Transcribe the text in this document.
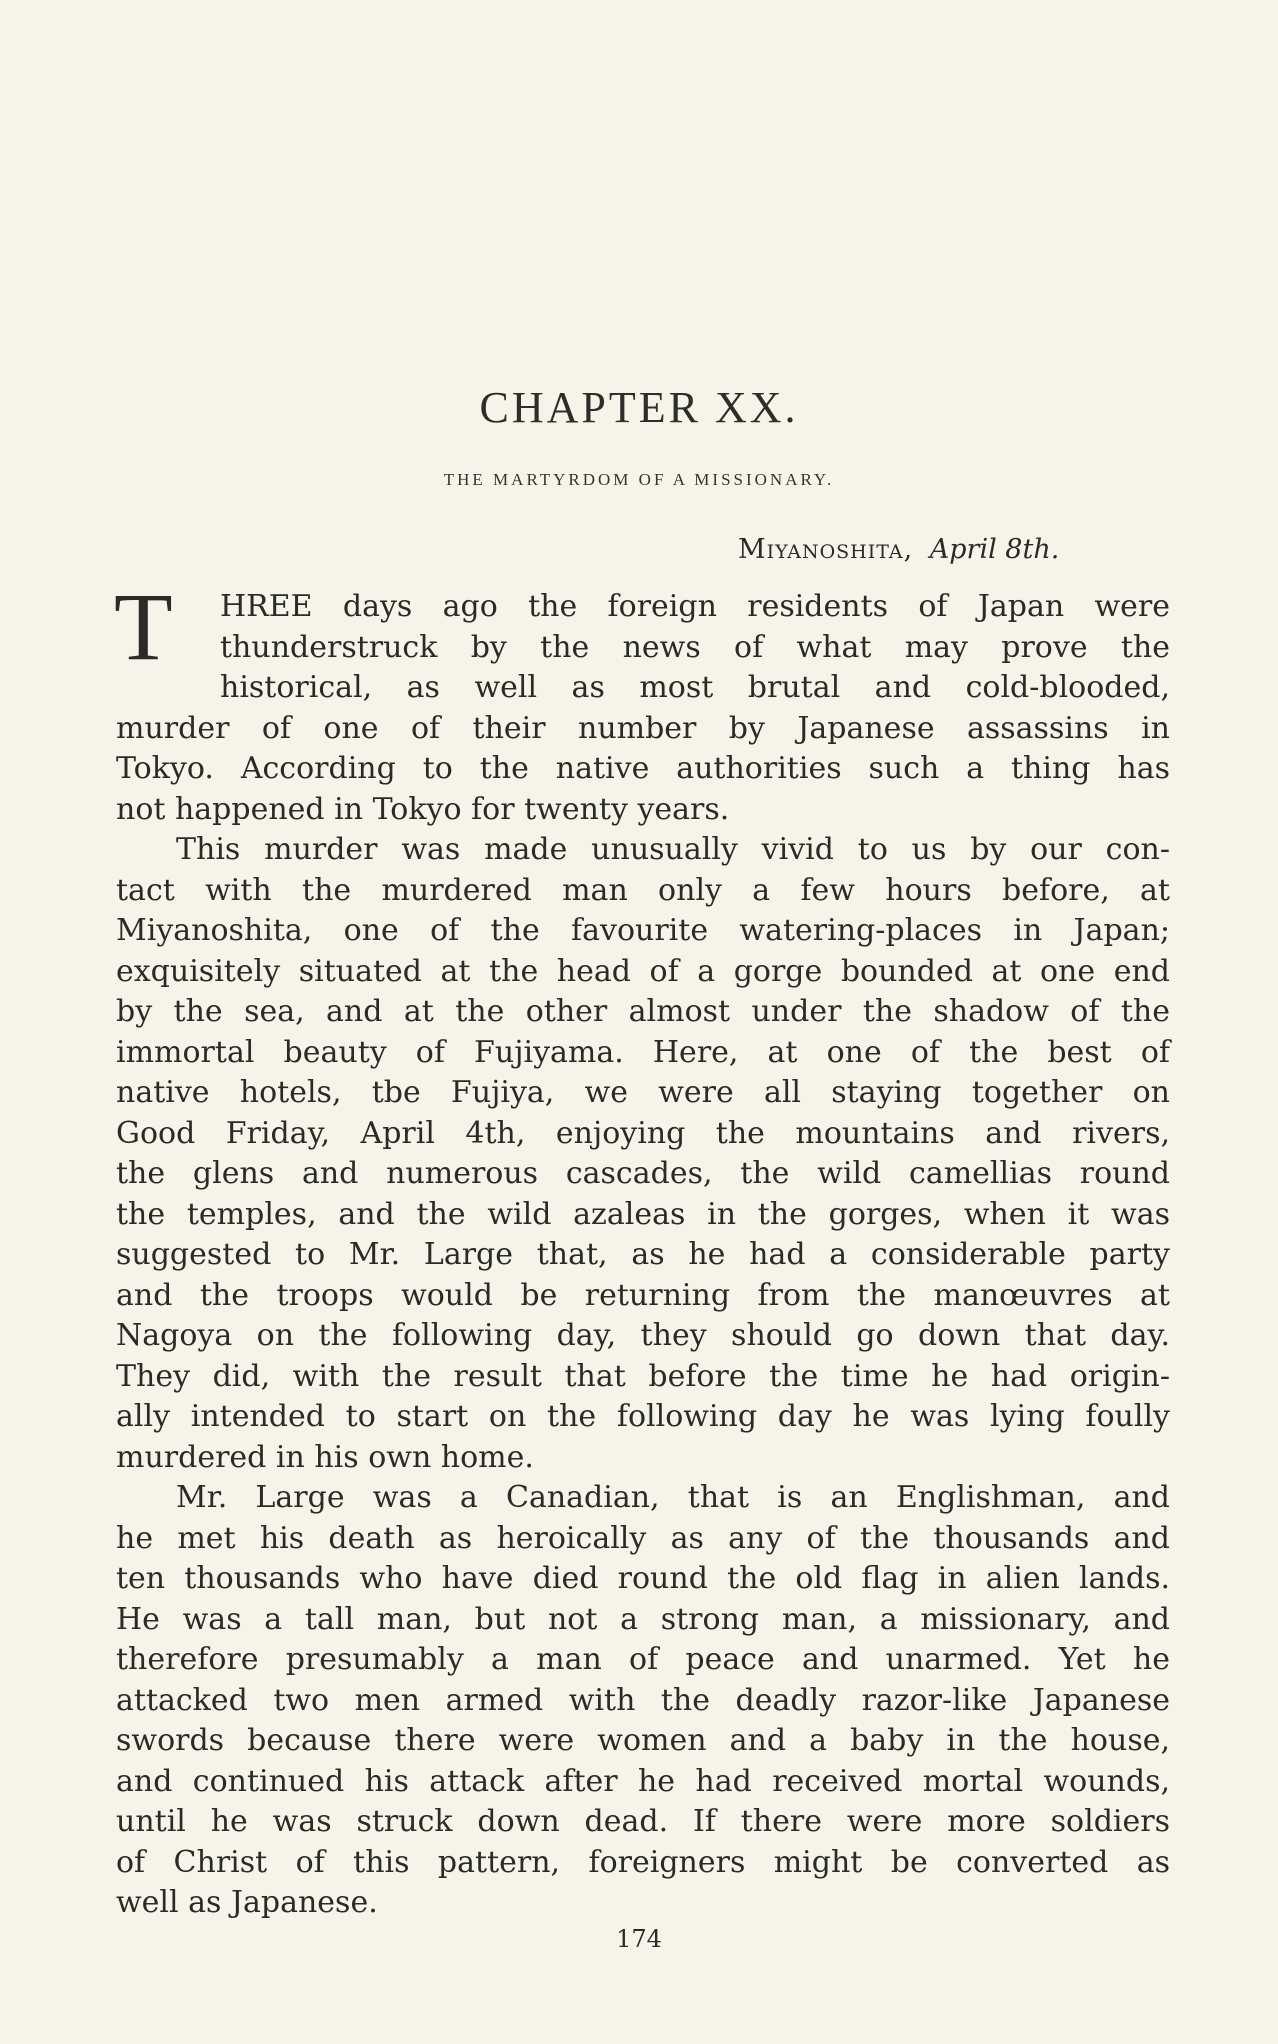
CHAPTER XX.
THE MARTYRDOM OF A MISSIONARY.
Miyanoshita, April 8th.
T	HREE days ago the foreign residents of Japan were
thunderstruck by the news of what may prove the
historical, as well as most brutal and cold-blooded,
murder of one of their number by Japanese assassins in
Tokyo. According to the native authorities such a thing has
not happened in Tokyo for twenty years.
This murder was made unusually vivid to us by our con-
tact with the murdered man only a few hours before, at
Miyanoshita, one of the favourite watering-places in Japan;
exquisitely situated at the head of a gorge bounded at one end
by the sea, and at the other almost under the shadow of the
immortal beauty of Fujiyama. Here, at one of the best of
native hotels, tbe Fujiya, we were all staying together on
Good Friday, April 4th, enjoying the mountains and rivers,
the glens and numerous cascades, the wild camellias round
the temples, and the wild azaleas in the gorges, when it was
suggested to Mr. Large that, as he had a considerable party
and the troops would be returning from the manœuvres at
Nagoya on the following day, they should go down that day.
They did, with the result that before the time he had origin-
ally intended to start on the following day he was lying foully
murdered in his own home.
Mr. Large was a Canadian, that is an Englishman, and
he met his death as heroically as any of the thousands and
ten thousands who have died round the old flag in alien lands.
He was a tall man, but not a strong man, a missionary, and
therefore presumably a man of peace and unarmed. Yet he
attacked two men armed with the deadly razor-like Japanese
swords because there were women and a baby in the house,
and continued his attack after he had received mortal wounds,
until he was struck down dead. If there were more soldiers
of Christ of this pattern, foreigners might be converted as
well as Japanese.
174
